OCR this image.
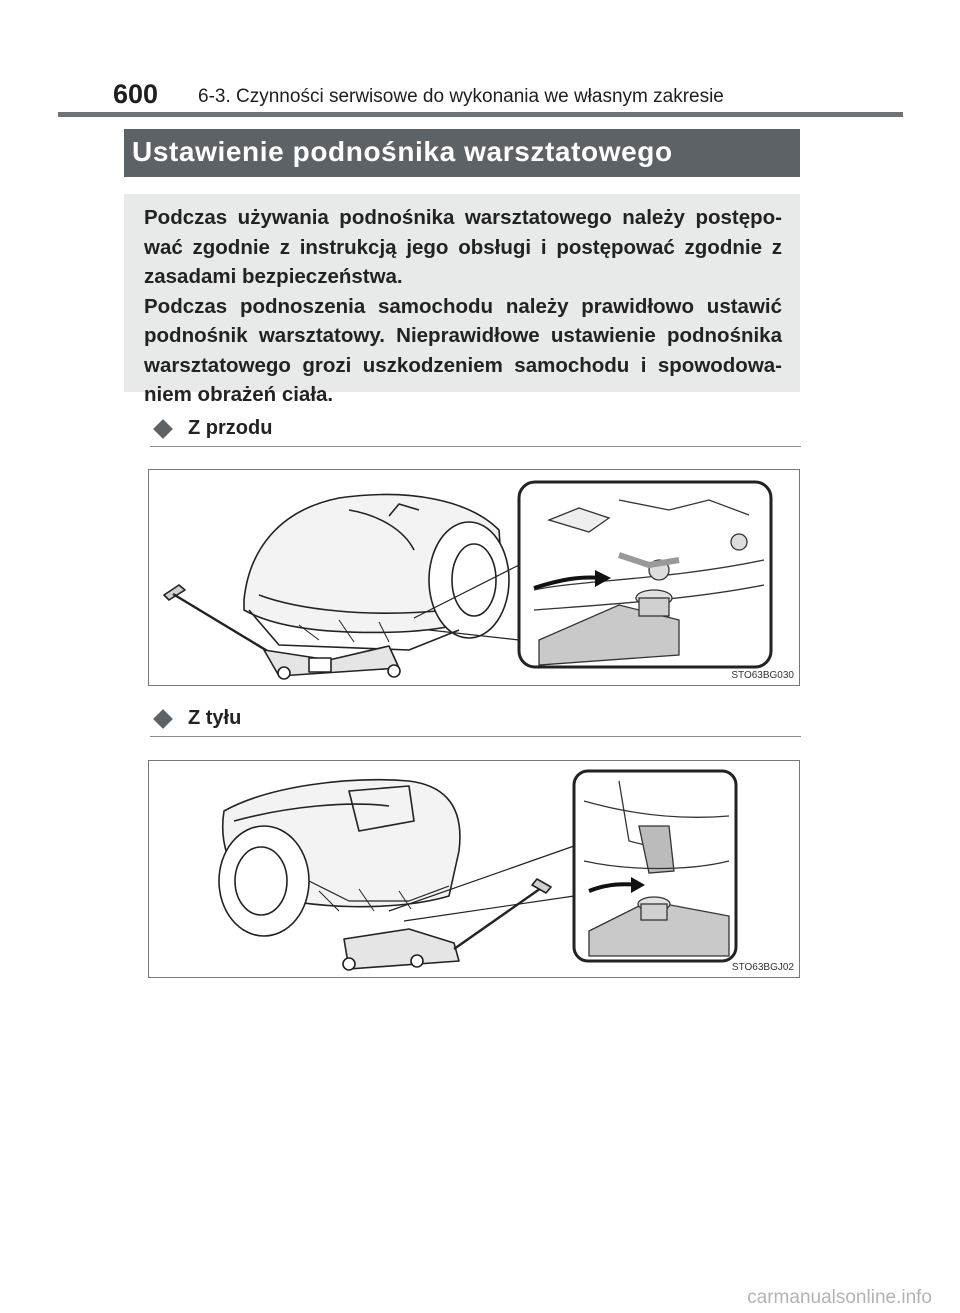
600 6-3. Czynności serwisowe do wykonania we własnym zakresie
Ustawienie podnośnika warsztatowego

Podczas używania podnośnika warsztatowego należy postępo-wać zgodnie z instrukcją jego obsługi i postępować zgodnie z zasadami bezpieczeństwa.

Podczas podnoszenia samochodu należy prawidłowo ustawić podnośnik warsztatowy. Nieprawidłowe ustawienie podnośnika warsztatowego grozi uszkodzeniem samochodu i spowodowa-niem obrażeń ciała.

Z przodu
STO63BG030
Z tyłu
STO63BGJ02
carmanualsonline.info
